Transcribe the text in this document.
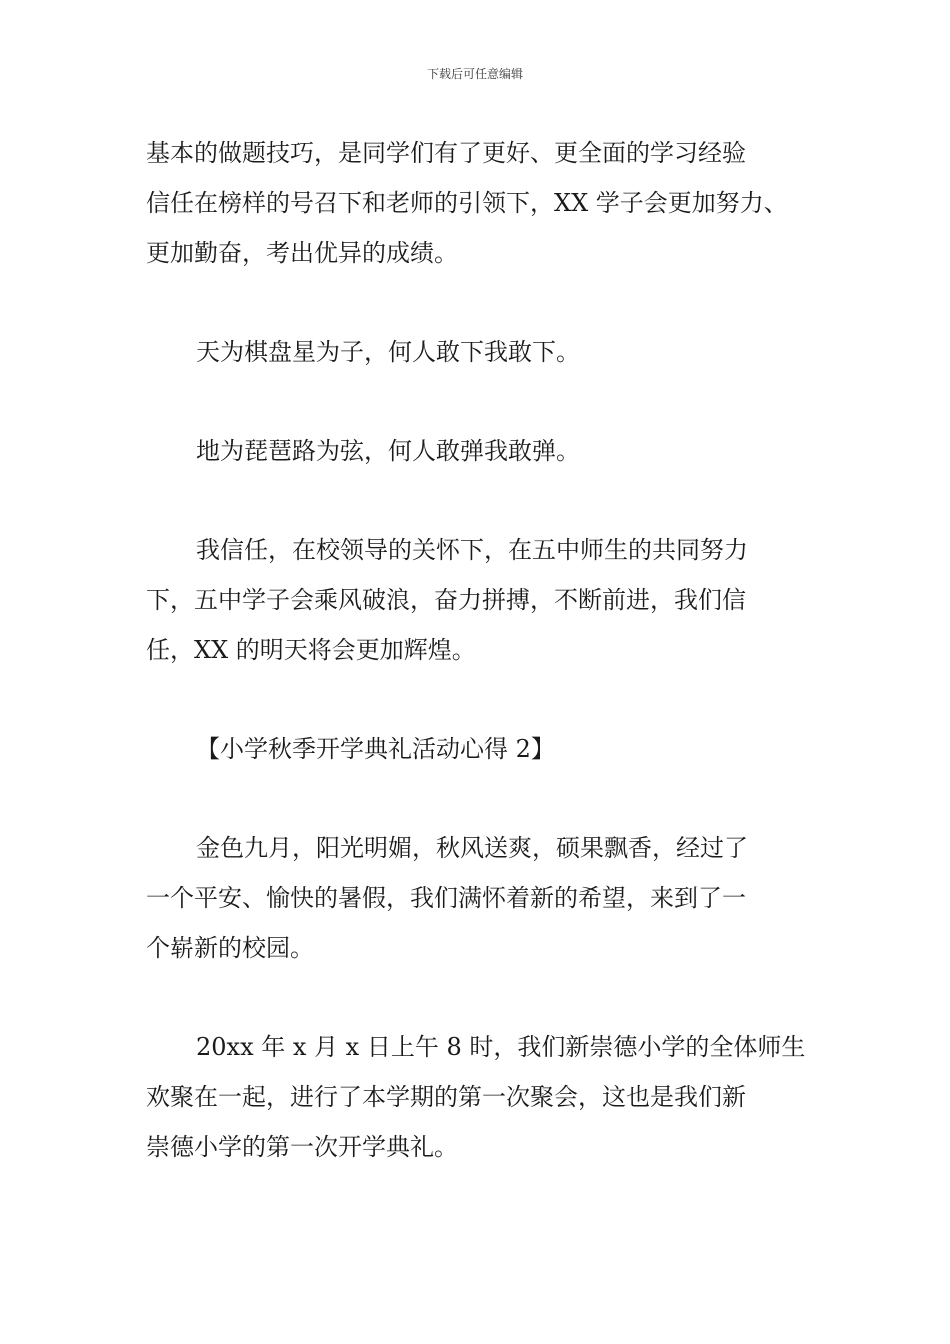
下载后可任意编辑

基本的做题技巧，是同学们有了更好、更全面的学习经验
信任在榜样的号召下和老师的引领下，XX 学子会更加努力、
更加勤奋，考出优异的成绩。

天为棋盘星为子，何人敢下我敢下。

地为琵琶路为弦，何人敢弹我敢弹。

我信任，在校领导的关怀下，在五中师生的共同努力
下，五中学子会乘风破浪，奋力拼搏，不断前进，我们信
任，XX 的明天将会更加辉煌。

【小学秋季开学典礼活动心得 2】

金色九月，阳光明媚，秋风送爽，硕果飘香，经过了
一个平安、愉快的暑假，我们满怀着新的希望，来到了一
个崭新的校园。

20xx 年 x 月 x 日上午 8 时，我们新崇德小学的全体师生
欢聚在一起，进行了本学期的第一次聚会，这也是我们新
崇德小学的第一次开学典礼。
